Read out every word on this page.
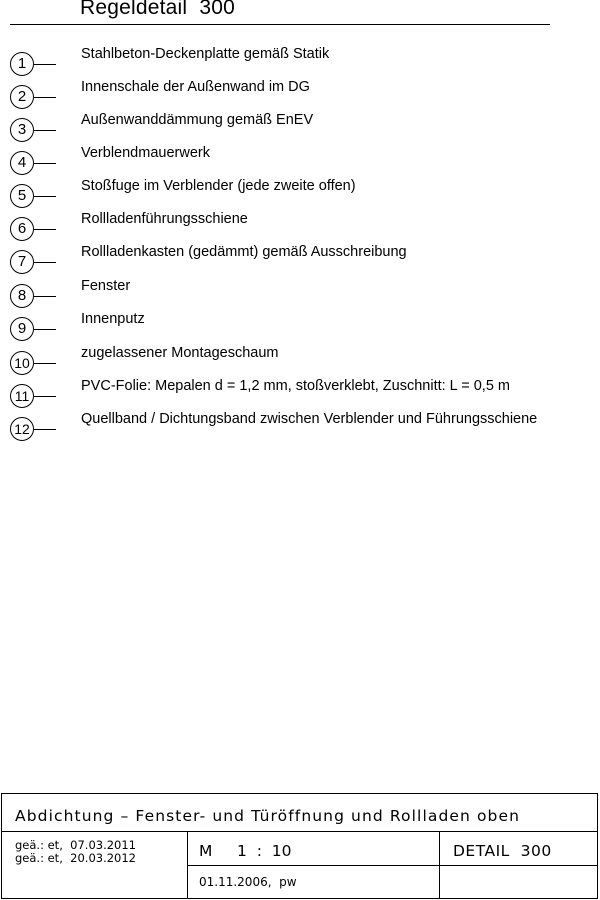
Regeldetail  300
1
Stahlbeton-Deckenplatte gemäß Statik
2
Innenschale der Außenwand im DG
3
Außenwanddämmung gemäß EnEV
4
Verblendmauerwerk
5
Stoßfuge im Verblender (jede zweite offen)
6
Rollladenführungsschiene
7
Rollladenkasten (gedämmt) gemäß Ausschreibung
8
Fenster
9
Innenputz
10
zugelassener Montageschaum
11
PVC-Folie: Mepalen d = 1,2 mm, stoßverklebt, Zuschnitt: L = 0,5 m
12
Quellband / Dichtungsband zwischen Verblender und Führungsschiene
Abdichtung – Fenster- und Türöffnung und Rollladen oben
geä.: et,  07.03.2011
geä.: et,  20.03.2012	M     1  :  10	DETAIL  300
01.11.2006,  pw
